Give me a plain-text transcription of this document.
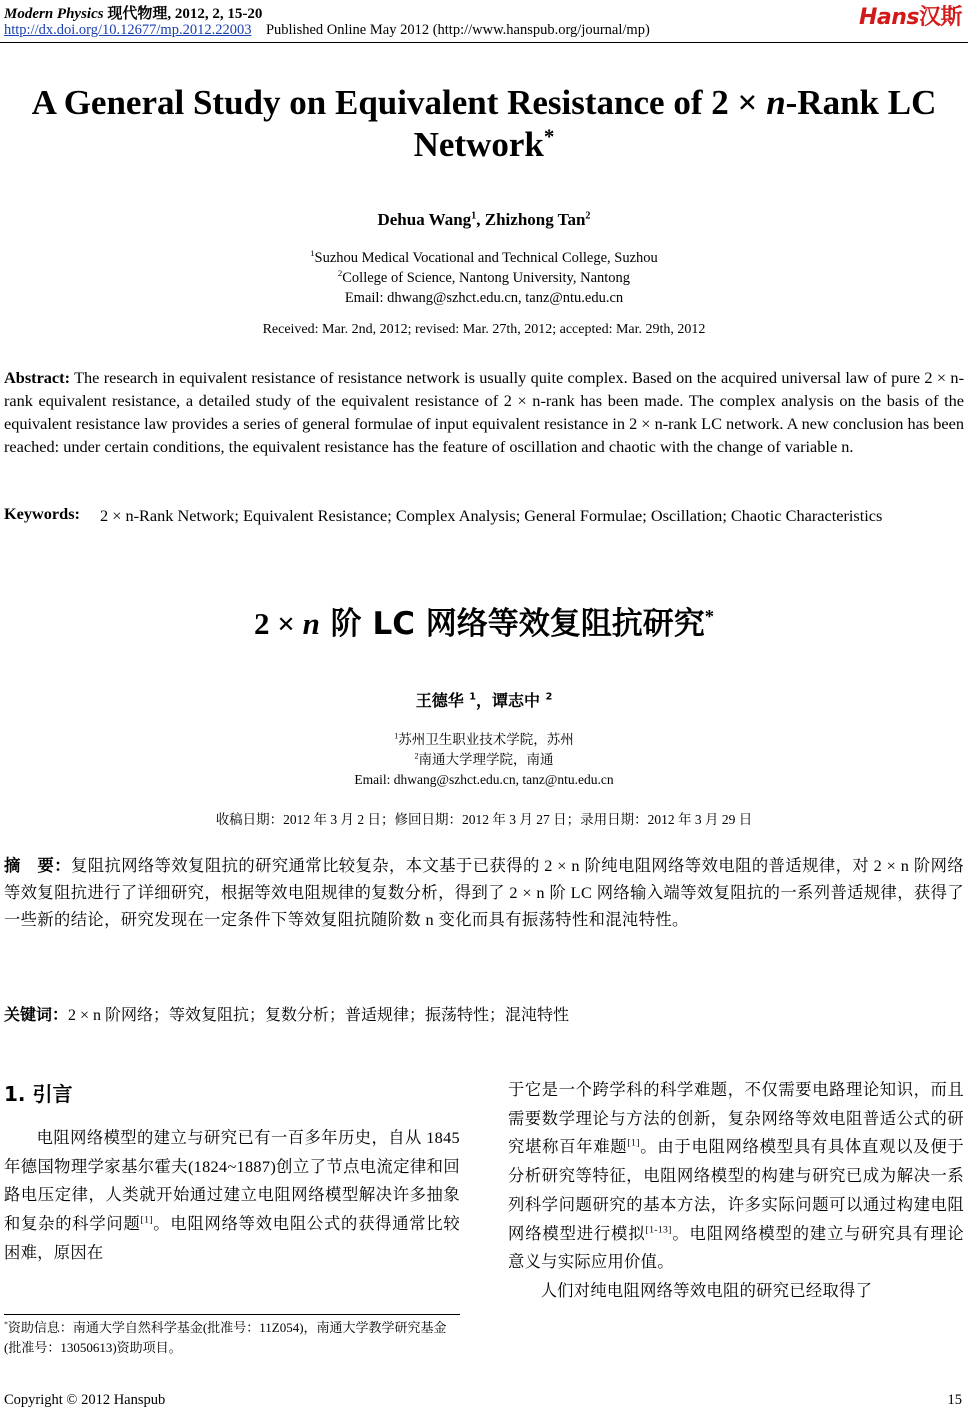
Modern Physics 现代物理, 2012, 2, 15-20
http://dx.doi.org/10.12677/mp.2012.22003 Published Online May 2012 (http://www.hanspub.org/journal/mp)	Hans汉斯
A General Study on Equivalent Resistance of 2 × n-Rank LC
Network*
Dehua Wang$^1$, Zhizhong Tan$^2$
$^1$Suzhou Medical Vocational and Technical College, Suzhou
$^2$College of Science, Nantong University, Nantong
Email: dhwang@szhct.edu.cn, tanz@ntu.edu.cn
Received: Mar. 2nd, 2012; revised: Mar. 27th, 2012; accepted: Mar. 29th, 2012
Abstract: The research in equivalent resistance of resistance network is usually quite complex. Based on the acquired universal law of pure 2 × n-rank equivalent resistance, a detailed study of the equivalent resistance of 2 × n-rank has been made. The complex analysis on the basis of the equivalent resistance law provides a series of general formulae of input equivalent resistance in 2 × n-rank LC network. A new conclusion has been reached: under certain conditions, the equivalent resistance has the feature of oscillation and chaotic with the change of variable n.
Keywords: 2 × n-Rank Network; Equivalent Resistance; Complex Analysis; General Formulae; Oscillation; Chaotic Characteristics
2 × n 阶 LC 网络等效复阻抗研究*
王德华 $^1$，谭志中 $^2$
$^1$苏州卫生职业技术学院，苏州
$^2$南通大学理学院，南通
Email: dhwang@szhct.edu.cn, tanz@ntu.edu.cn
收稿日期：2012 年 3 月 2 日；修回日期：2012 年 3 月 27 日；录用日期：2012 年 3 月 29 日
摘　要：复阻抗网络等效复阻抗的研究通常比较复杂，本文基于已获得的 2 × n 阶纯电阻网络等效电阻的普适规律，对 2 × n 阶网络等效复阻抗进行了详细研究，根据等效电阻规律的复数分析，得到了 2 × n 阶 LC 网络输入端等效复阻抗的一系列普适规律，获得了一些新的结论，研究发现在一定条件下等效复阻抗随阶数 n 变化而具有振荡特性和混沌特性。
关键词：2 × n 阶网络；等效复阻抗；复数分析；普适规律；振荡特性；混沌特性
1. 引言

电阻网络模型的建立与研究已有一百多年历史，自从 1845 年德国物理学家基尔霍夫(1824~1887)创立了节点电流定律和回路电压定律，人类就开始通过建立电阻网络模型解决许多抽象和复杂的科学问题[1]。电阻网络等效电阻公式的获得通常比较困难，原因在

于它是一个跨学科的科学难题，不仅需要电路理论知识，而且需要数学理论与方法的创新，复杂网络等效电阻普适公式的研究堪称百年难题[1]。由于电阻网络模型具有具体直观以及便于分析研究等特征，电阻网络模型的构建与研究已成为解决一系列科学问题研究的基本方法，许多实际问题可以通过构建电阻网络模型进行模拟[1-13]。电阻网络模型的建立与研究具有理论意义与实际应用价值。

人们对纯电阻网络等效电阻的研究已经取得了

*资助信息：南通大学自然科学基金(批准号：11Z054)，南通大学教学研究基金(批准号：13050613)资助项目。
Copyright © 2012 Hanspub	15
